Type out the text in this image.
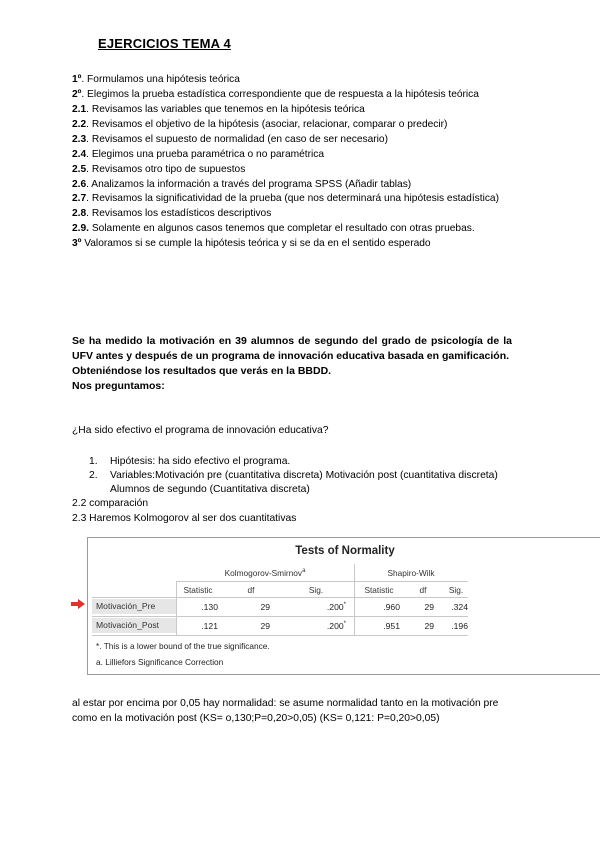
EJERCICIOS TEMA 4
1º. Formulamos una hipótesis teórica
2º. Elegimos la prueba estadística correspondiente que de respuesta a la hipótesis teórica
2.1. Revisamos las variables que tenemos en la hipótesis teórica
2.2. Revisamos el objetivo de la hipótesis (asociar, relacionar, comparar o predecir)
2.3. Revisamos el supuesto de normalidad (en caso de ser necesario)
2.4. Elegimos una prueba paramétrica o no paramétrica
2.5. Revisamos otro tipo de supuestos
2.6. Analizamos la información a través del programa SPSS (Añadir tablas)
2.7. Revisamos la significatividad de la prueba (que nos determinará una hipótesis estadística)
2.8. Revisamos los estadísticos descriptivos
2.9. Solamente en algunos casos tenemos que completar el resultado con otras pruebas.
3º Valoramos si se cumple la hipótesis teórica y si se da en el sentido esperado

Se ha medido la motivación en 39 alumnos de segundo del grado de psicología de la UFV antes y después de un programa de innovación educativa basada en gamificación.

Obteniéndose los resultados que verás en la BBDD.

Nos preguntamos:

¿Ha sido efectivo el programa de innovación educativa?
1. Hipótesis: ha sido efectivo el programa.
2. Variables:Motivación pre (cuantitativa discreta) Motivación post (cuantitativa discreta) Alumnos de segundo (Cuantitativa discreta)
2.2 comparación
2.3 Haremos Kolmogorov al ser dos cuantitativas
Tests of Normality
Kolmogorov-Smirnov$^a$	Shapiro-Wilk
Statistic	df	Sig.	Statistic	df	Sig.
Motivación_Pre	.130	29	.200*	.960	29	.324
Motivación_Post	.121	29	.200*	.951	29	.196
*. This is a lower bound of the true significance.
a. Lilliefors Significance Correction
al estar por encima por 0,05 hay normalidad: se asume normalidad tanto en la motivación pre como en la motivación post (KS= o,130;P=0,20>0,05) (KS= 0,121: P=0,20>0,05)
